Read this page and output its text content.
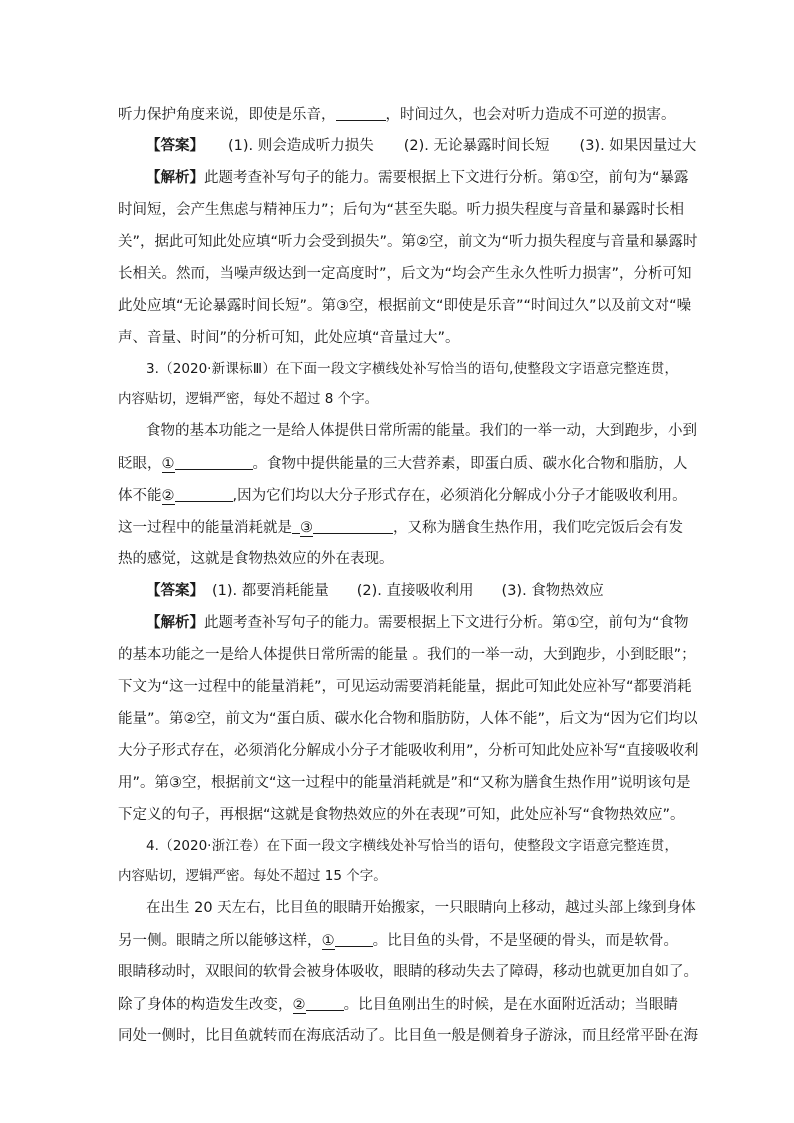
听力保护角度来说，即使是乐音，	，时间过久，也会对听力造成不可逆的损害。
【答案】 (1). 则会造成听力损失 (2). 无论暴露时间长短 (3). 如果因量过大
【解析】此题考查补写句子的能力。需要根据上下文进行分析。第①空，前句为“暴露
时间短，会产生焦虑与精神压力”；后句为“甚至失聪。听力损失程度与音量和暴露时长相
关”，据此可知此处应填“听力会受到损失”。第②空，前文为“听力损失程度与音量和暴露时
长相关。然而，当噪声级达到一定高度时”，后文为“均会产生永久性听力损害”，分析可知
此处应填“无论暴露时间长短”。第③空，根据前文“即使是乐音”“时间过久”以及前文对“噪
声、音量、时间”的分析可知，此处应填“音量过大”。
3.（2020·新课标Ⅲ）在下面一段文字横线处补写恰当的语句,使整段文字语意完整连贯，
内容贴切，逻辑严密，每处不超过 8 个字。
食物的基本功能之一是给人体提供日常所需的能量。我们的一举一动，大到跑步，小到
眨眼，①	。食物中提供能量的三大营养素，即蛋白质、碳水化合物和脂肪，人
体不能②	,因为它们均以大分子形式存在，必须消化分解成小分子才能吸收利用。
这一过程中的能量消耗就是 ③	，又称为膳食生热作用，我们吃完饭后会有发
热的感觉，这就是食物热效应的外在表现。
【答案】 (1). 都要消耗能量 (2). 直接吸收利用 (3). 食物热效应
【解析】此题考查补写句子的能力。需要根据上下文进行分析。第①空，前句为“食物
的基本功能之一是给人体提供日常所需的能量 。我们的一举一动，大到跑步，小到眨眼”；
下文为“这一过程中的能量消耗”，可见运动需要消耗能量，据此可知此处应补写“都要消耗
能量”。第②空，前文为“蛋白质、碳水化合物和脂肪防，人体不能”，后文为“因为它们均以
大分子形式存在，必须消化分解成小分子才能吸收利用”，分析可知此处应补写“直接吸收利
用”。第③空，根据前文“这一过程中的能量消耗就是”和“又称为膳食生热作用”说明该句是
下定义的句子，再根据“这就是食物热效应的外在表现”可知，此处应补写“食物热效应”。
4.（2020·浙江卷）在下面一段文字横线处补写恰当的语句，使整段文字语意完整连贯，
内容贴切，逻辑严密。每处不超过 15 个字。
在出生 20 天左右，比目鱼的眼睛开始搬家，一只眼睛向上移动，越过头部上缘到身体
另一侧。眼睛之所以能够这样，①	。比目鱼的头骨，不是坚硬的骨头，而是软骨。
眼睛移动时，双眼间的软骨会被身体吸收，眼睛的移动失去了障碍，移动也就更加自如了。
除了身体的构造发生改变，②	。比目鱼刚出生的时候，是在水面附近活动；当眼睛
同处一侧时，比目鱼就转而在海底活动了。比目鱼一般是侧着身子游泳，而且经常平卧在海
